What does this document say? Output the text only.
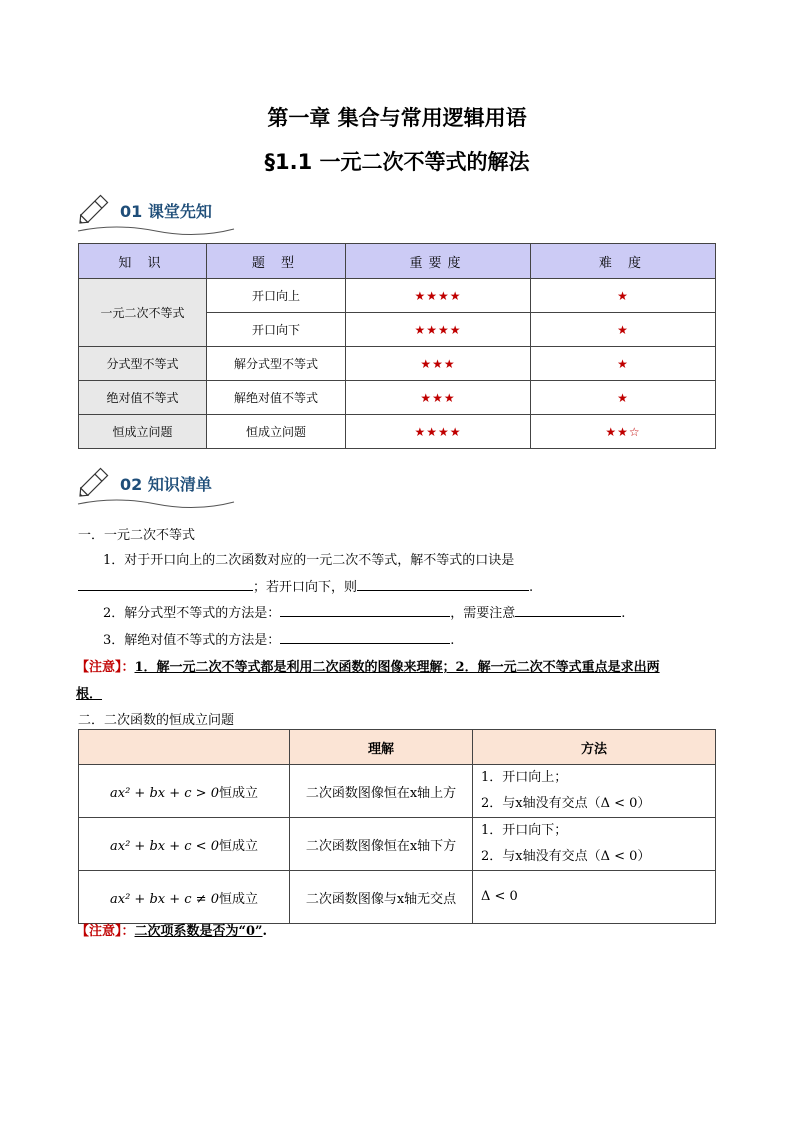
第一章 集合与常用逻辑用语
§1.1 一元二次不等式的解法
01 课堂先知
知 识	题 型	重要度	难 度
一元二次不等式	开口向上	★★★★	★
	开口向下	★★★★	★
分式型不等式	解分式型不等式	★★★	★
绝对值不等式	解绝对值不等式	★★★	★
恒成立问题	恒成立问题	★★★★	★★☆
02 知识清单
一．一元二次不等式
1．对于开口向上的二次函数对应的一元二次不等式，解不等式的口诀是
；若开口向下，则	.
2．解分式型不等式的方法是：	，需要注意	.
3．解绝对值不等式的方法是：	.
【注意】：1．解一元二次不等式都是利用二次函数的图像来理解；2．解一元二次不等式重点是求出两
根．
二．二次函数的恒成立问题
	理解	方法
ax² + bx + c > 0恒成立	二次函数图像恒在x轴上方	1．开口向上；
2．与x轴没有交点（Δ < 0）

ax² + bx + c < 0恒成立	二次函数图像恒在x轴下方	1．开口向下；
2．与x轴没有交点（Δ < 0）

ax² + bx + c ≠ 0恒成立	二次函数图像与x轴无交点	Δ < 0
【注意】：二次项系数是否为“0”.
